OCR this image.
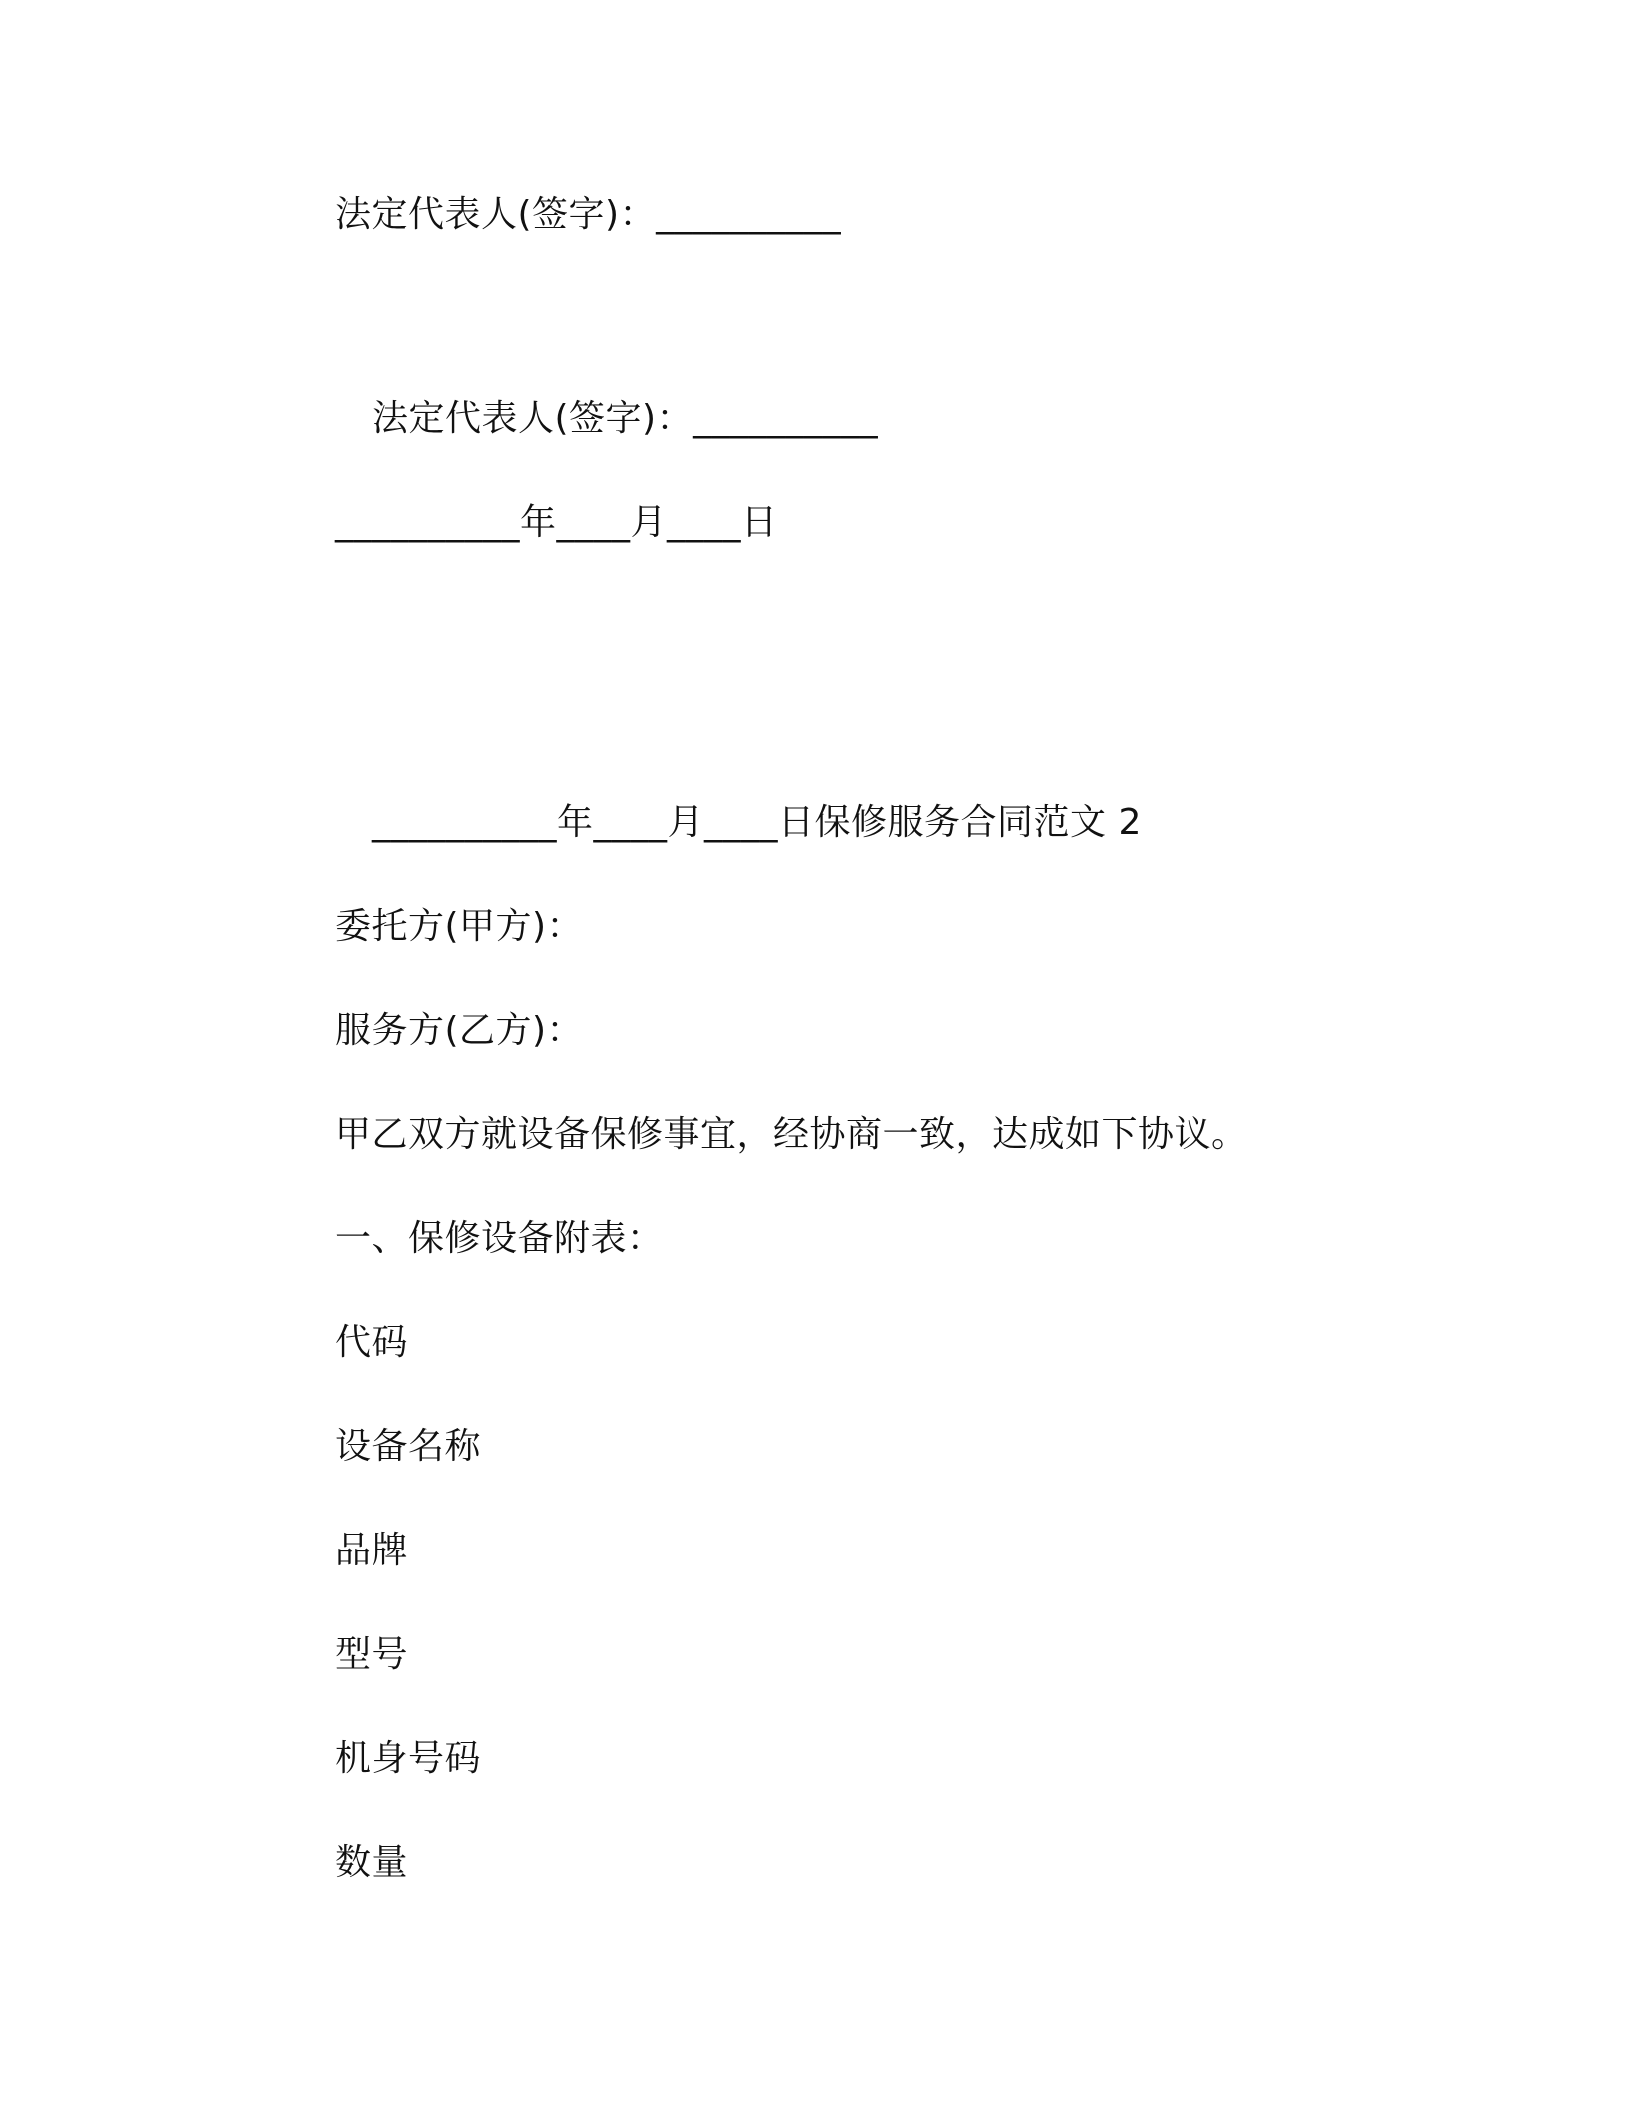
法定代表人(签字)：__________
法定代表人(签字)：__________
__________年____月____日
__________年____月____日保修服务合同范文 2
委托方(甲方)：
服务方(乙方)：
甲乙双方就设备保修事宜，经协商一致，达成如下协议。
一、保修设备附表：
代码
设备名称
品牌
型号
机身号码
数量
